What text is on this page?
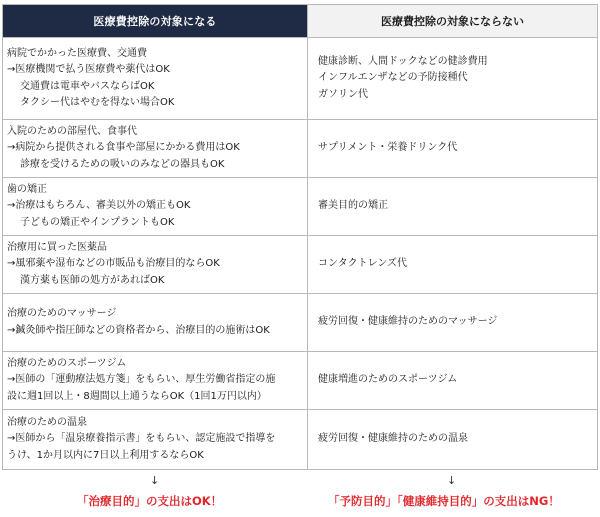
医療費控除の対象になる	医療費控除の対象にならない

病院でかかった医療費、交通費
→医療機関で払う医療費や薬代はOK
交通費は電車やバスならばOK
タクシー代はやむを得ない場合OK	健康診断、人間ドックなどの健診費用
インフルエンザなどの予防接種代
ガソリン代

入院のための部屋代、食事代
→病院から提供される食事や部屋にかかる費用はOK
診療を受けるための吸いのみなどの器具もOK	サプリメント・栄養ドリンク代

歯の矯正
→治療はもちろん、審美以外の矯正もOK
子どもの矯正やインプラントもOK	審美目的の矯正

治療用に買った医薬品
→風邪薬や湿布などの市販品も治療目的ならOK
漢方薬も医師の処方があればOK	コンタクトレンズ代

治療のためのマッサージ
→鍼灸師や指圧師などの資格者から、治療目的の施術はOK	疲労回復・健康維持のためのマッサージ

治療のためのスポーツジム
→医師の「運動療法処方箋」をもらい、厚生労働省指定の施
設に週1回以上・8週間以上通うならOK（1回1万円以内）	健康増進のためのスポーツジム

治療のための温泉
→医師から「温泉療養指示書」をもらい、認定施設で指導を
うけ、1か月以内に7日以上利用するならOK	疲労回復・健康維持のための温泉
↓	↓
「治療目的」の支出はOK！	「予防目的」「健康維持目的」の支出はNG！
